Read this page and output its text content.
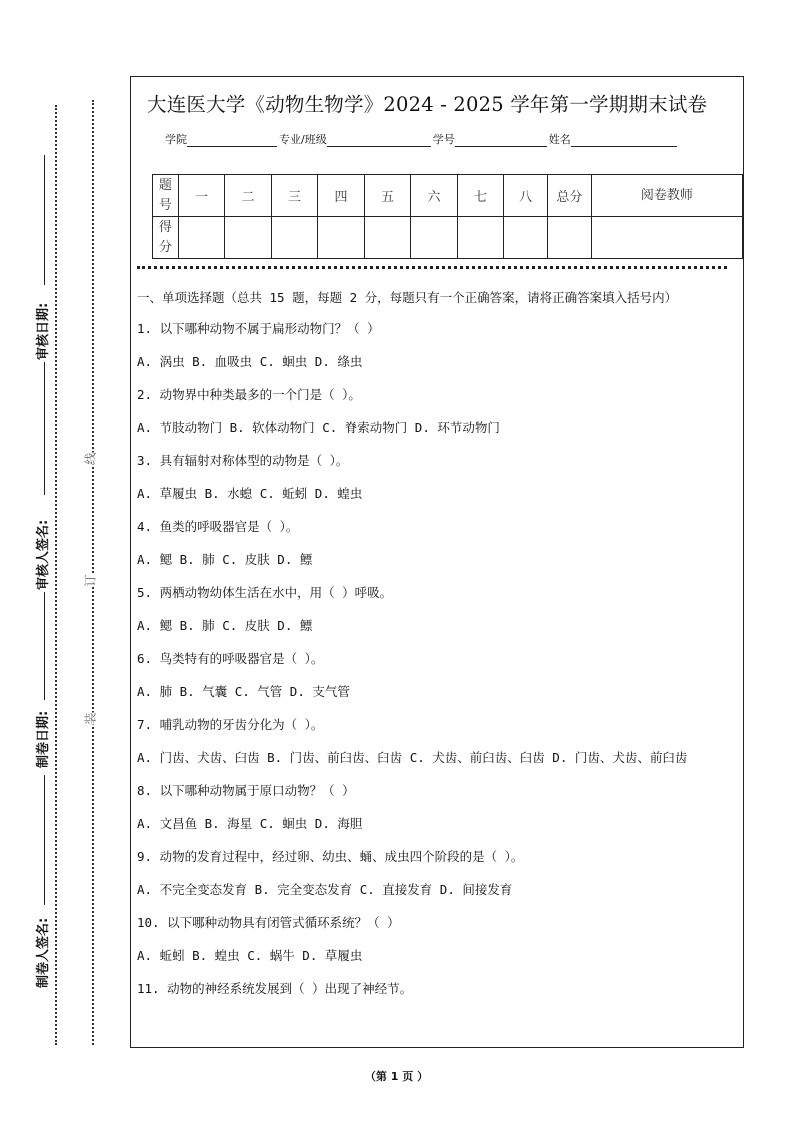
审核日期:
审核人签名:
制卷日期:
制卷人签名:
线
订
装
大连医大学《动物生物学》2024 - 2025 学年第一学期期末试卷
学院	专业/班级	学号	姓名
题号	一	二	三	四	五	六	七	八	总分	阅卷教师
得分										
一、单项选择题（总共 15 题，每题 2 分，每题只有一个正确答案，请将正确答案填入括号内）
1. 以下哪种动物不属于扁形动物门？（ ）
A. 涡虫 B. 血吸虫 C. 蛔虫 D. 绦虫
2. 动物界中种类最多的一个门是（ ）。
A. 节肢动物门 B. 软体动物门 C. 脊索动物门 D. 环节动物门
3. 具有辐射对称体型的动物是（ ）。
A. 草履虫 B. 水螅 C. 蚯蚓 D. 蝗虫
4. 鱼类的呼吸器官是（ ）。
A. 鳃 B. 肺 C. 皮肤 D. 鳔
5. 两栖动物幼体生活在水中，用（ ）呼吸。
A. 鳃 B. 肺 C. 皮肤 D. 鳔
6. 鸟类特有的呼吸器官是（ ）。
A. 肺 B. 气囊 C. 气管 D. 支气管
7. 哺乳动物的牙齿分化为（ ）。
A. 门齿、犬齿、臼齿 B. 门齿、前臼齿、臼齿 C. 犬齿、前臼齿、臼齿 D. 门齿、犬齿、前臼齿
8. 以下哪种动物属于原口动物？（ ）
A. 文昌鱼 B. 海星 C. 蛔虫 D. 海胆
9. 动物的发育过程中，经过卵、幼虫、蛹、成虫四个阶段的是（ ）。
A. 不完全变态发育 B. 完全变态发育 C. 直接发育 D. 间接发育
10. 以下哪种动物具有闭管式循环系统？（ ）
A. 蚯蚓 B. 蝗虫 C. 蜗牛 D. 草履虫
11. 动物的神经系统发展到（ ）出现了神经节。
（第 1 页 ）
